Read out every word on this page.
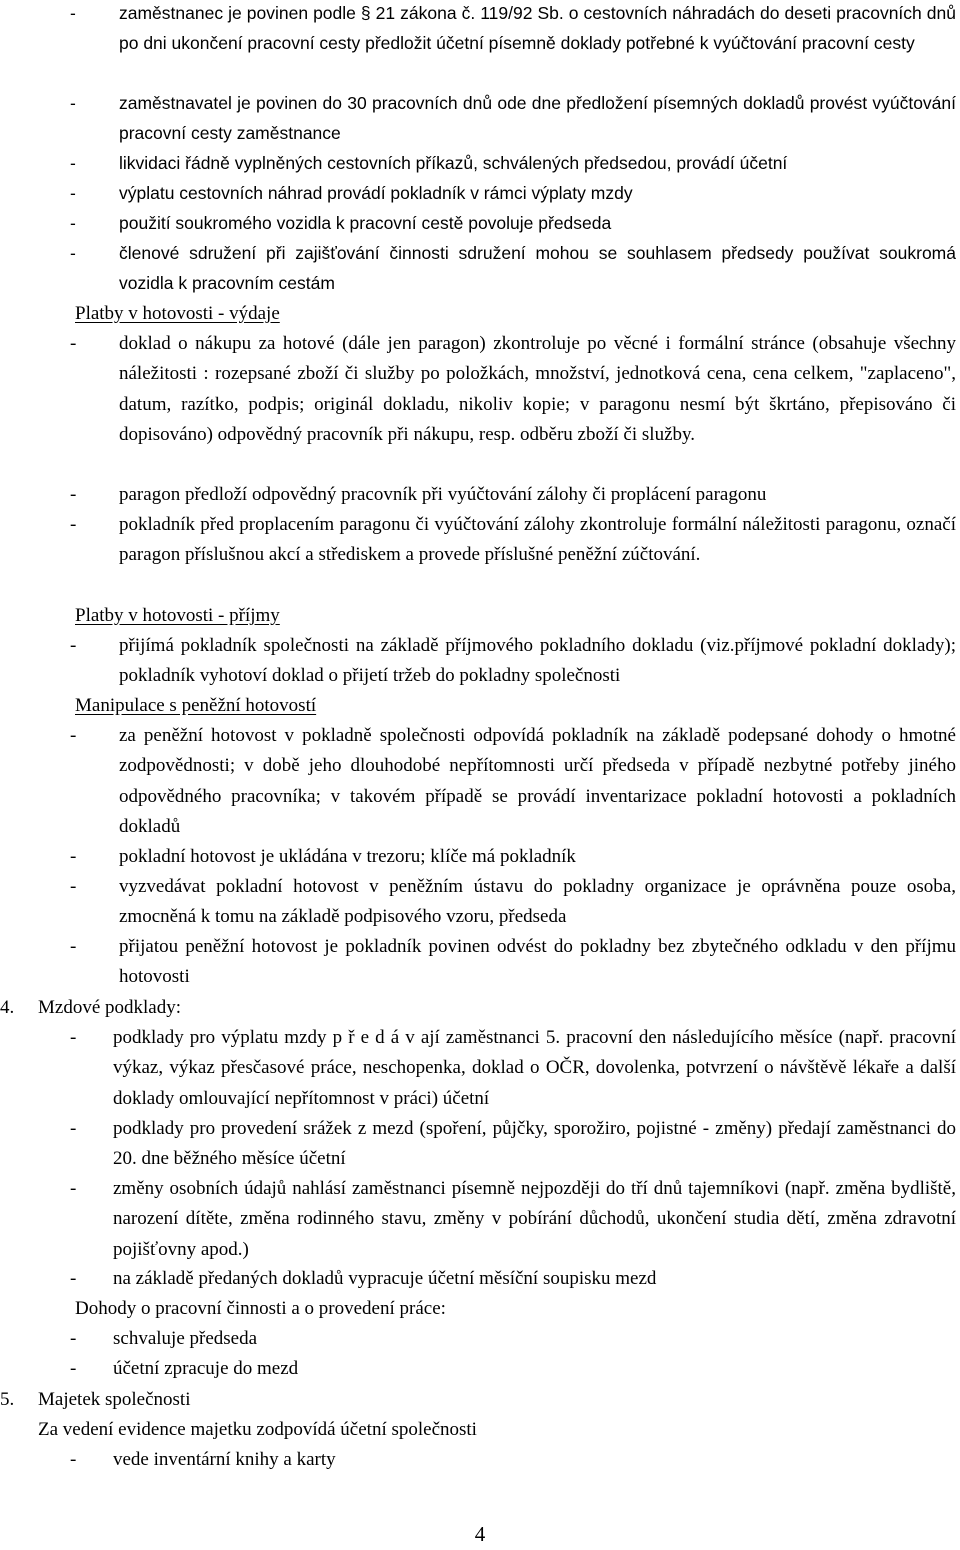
- zaměstnanec je povinen podle § 21 zákona č. 119/92 Sb. o cestovních náhradách do deseti pracovních dnů po dni ukončení pracovní cesty předložit účetní písemně doklady potřebné k vyúčtování pracovní cesty
- zaměstnavatel je povinen do 30 pracovních dnů ode dne předložení písemných dokladů provést vyúčtování pracovní cesty zaměstnance
- likvidaci řádně vyplněných cestovních příkazů, schválených předsedou, provádí účetní
- výplatu cestovních náhrad provádí pokladník v rámci výplaty mzdy
- použití soukromého vozidla k pracovní cestě povoluje předseda
- členové sdružení při zajišťování činnosti sdružení mohou se souhlasem předsedy používat soukromá vozidla k pracovním cestám
Platby v hotovosti - výdaje
- doklad o nákupu za hotové (dále jen paragon) zkontroluje po věcné i formální stránce (obsahuje všechny náležitosti : rozepsané zboží či služby po položkách, množství, jednotková cena, cena celkem, "zaplaceno", datum, razítko, podpis; originál dokladu, nikoliv kopie; v paragonu nesmí být škrtáno, přepisováno či dopisováno) odpovědný pracovník při nákupu, resp. odběru zboží či služby.
- paragon předloží odpovědný pracovník při vyúčtování zálohy či proplácení paragonu
- pokladník před proplacením paragonu či vyúčtování zálohy zkontroluje formální náležitosti paragonu, označí paragon příslušnou akcí a střediskem a provede příslušné peněžní zúčtování.
Platby v hotovosti - příjmy
- přijímá pokladník společnosti na základě příjmového pokladního dokladu (viz.příjmové pokladní doklady); pokladník vyhotoví doklad o přijetí tržeb do pokladny společnosti
Manipulace s peněžní hotovostí
- za peněžní hotovost v pokladně společnosti odpovídá pokladník na základě podepsané dohody o hmotné zodpovědnosti; v době jeho dlouhodobé nepřítomnosti určí předseda v případě nezbytné potřeby jiného odpovědného pracovníka; v takovém případě se provádí inventarizace pokladní hotovosti a pokladních dokladů
- pokladní hotovost je ukládána v trezoru; klíče má pokladník
- vyzvedávat pokladní hotovost v peněžním ústavu do pokladny organizace je oprávněna pouze osoba, zmocněná k tomu na základě podpisového vzoru, předseda
- přijatou peněžní hotovost je pokladník povinen odvést do pokladny bez zbytečného odkladu v den příjmu hotovosti
4. Mzdové podklady:
- podklady pro výplatu mzdy p ř e d á v ají zaměstnanci 5. pracovní den následujícího měsíce (např. pracovní výkaz, výkaz přesčasové práce, neschopenka, doklad o OČR, dovolenka, potvrzení o návštěvě lékaře a další doklady omlouvající nepřítomnost v práci) účetní
- podklady pro provedení srážek z mezd (spoření, půjčky, sporožiro, pojistné - změny) předají zaměstnanci do 20. dne běžného měsíce účetní
- změny osobních údajů nahlásí zaměstnanci písemně nejpozději do tří dnů tajemníkovi (např. změna bydliště, narození dítěte, změna rodinného stavu, změny v pobírání důchodů, ukončení studia dětí, změna zdravotní pojišťovny apod.)
- na základě předaných dokladů vypracuje účetní měsíční soupisku mezd
Dohody o pracovní činnosti a o provedení práce:
- schvaluje předseda
- účetní zpracuje do mezd
5. Majetek společnosti
Za vedení evidence majetku zodpovídá účetní společnosti
- vede inventární knihy a karty
4
